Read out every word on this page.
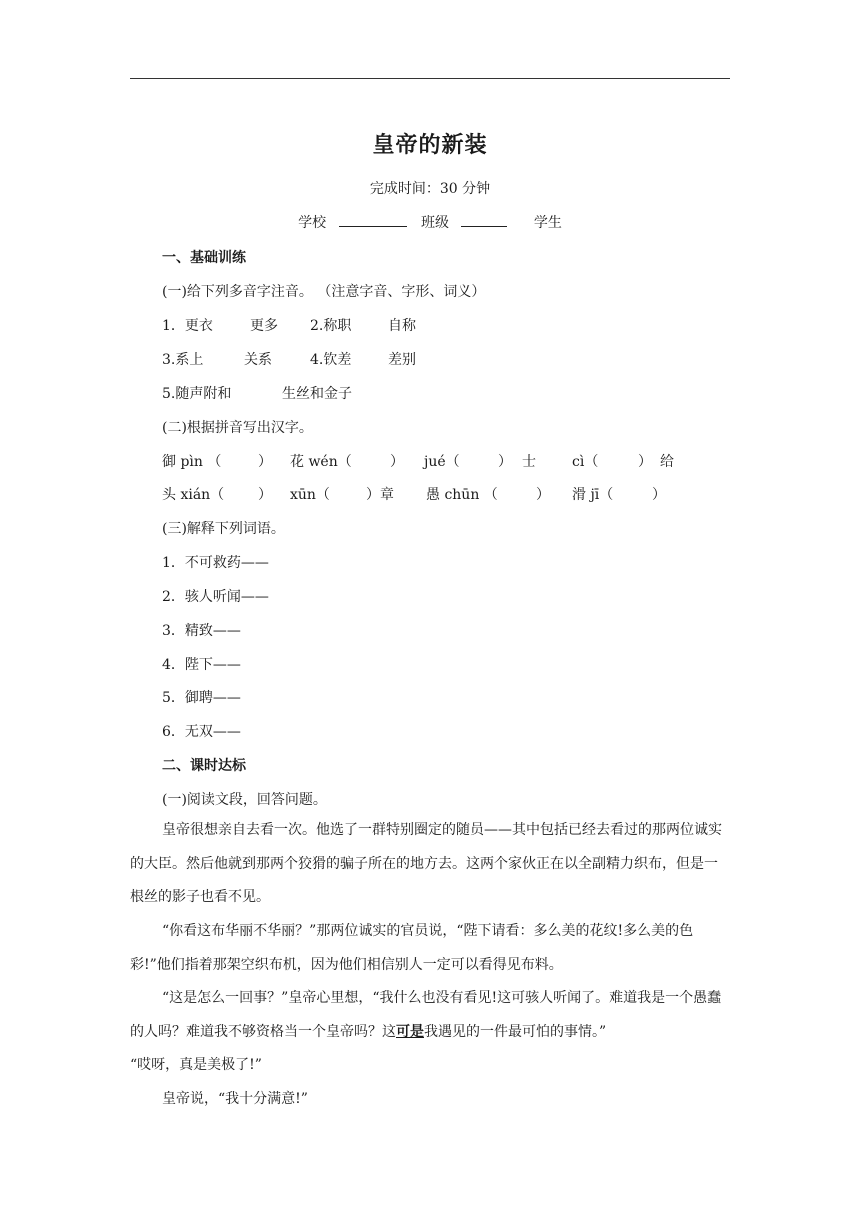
皇帝的新装
完成时间：30 分钟
学校	班级	学生
一、基础训练
(一)给下列多音字注音。 （注意字音、字形、词义）
1．更衣	更多 2.称职	自称
3.系上	关系	4.钦差	差别
5.随声附和	生丝和金子
(二)根据拼音写出汉字。
御 pìn （	） 花 wén（	） jué（	） 士	cì（	） 给
头 xián（ ） xūn（	）章 愚 chūn （	） 滑 jī（	）
(三)解释下列词语。
1．不可救药——
2．骇人听闻——
3．精致——
4．陛下——
5．御聘——
6．无双——
二、课时达标
(一)阅读文段，回答问题。

皇帝很想亲自去看一次。他选了一群特别圈定的随员——其中包括已经去看过的那两位诚实的大臣。然后他就到那两个狡猾的骗子所在的地方去。这两个家伙正在以全副精力织布，但是一根丝的影子也看不见。

“你看这布华丽不华丽？”那两位诚实的官员说，“陛下请看：多么美的花纹!多么美的色彩!”他们指着那架空织布机，因为他们相信别人一定可以看得见布料。

“这是怎么一回事？”皇帝心里想，“我什么也没有看见!这可骇人听闻了。难道我是一个愚蠢的人吗？难道我不够资格当一个皇帝吗？这可是我遇见的一件最可怕的事情。”

“哎呀，真是美极了!”

皇帝说，“我十分满意!”
